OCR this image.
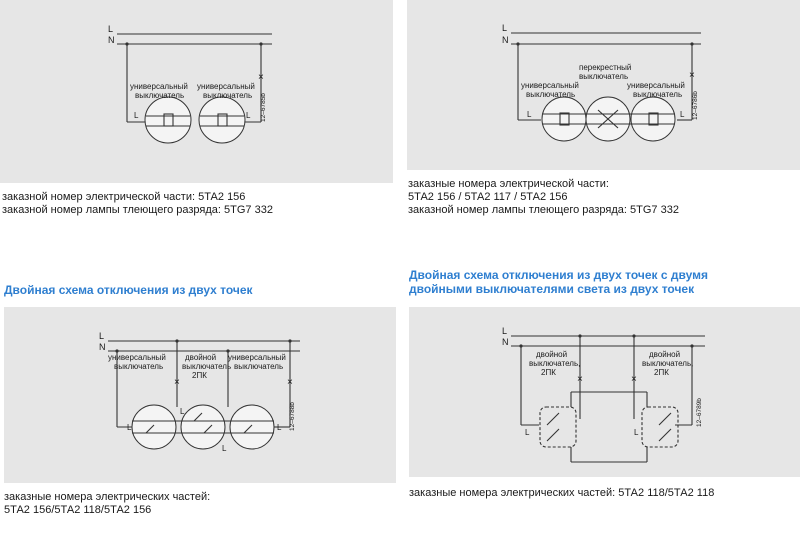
L
N
×
универсальный
выключатель
универсальный
выключатель
L	L 12–6785b
заказной номер электрической части: 5ТА2 156
заказной номер лампы тлеющего разряда: 5TG7 332
L
N
×
универсальный
выключатель
перекрестный
выключатель
универсальный
выключатель
L	L 12–6786b
заказные номера электрической части:
5ТА2 156 / 5ТА2 117 / 5ТА2 156
заказной номер лампы тлеющего разряда: 5TG7 332
Двойная схема отключения из двух точек
L
N
×	×
универсальный
выключатель
двойной
выключатель
2ПК
универсальный
выключатель
L
L
L
L 12–6788b
заказные номера электрических частей:
5ТА2 156/5ТА2 118/5ТА2 156
Двойная схема отключения из двух точек с двумя
двойными выключателями света из двух точек
L
N
×	×
двойной
выключатель,
2ПК
двойной
выключатель,
2ПК
L	L
12–6789b
заказные номера электрических частей: 5ТА2 118/5ТА2 118
